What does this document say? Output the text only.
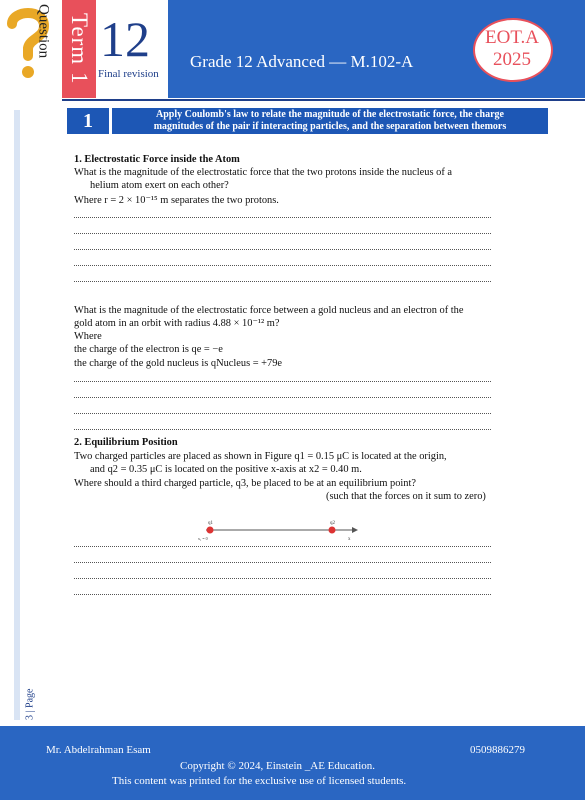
Question Term 1 12
Final revision
Grade 12 Advanced — M.102-A
EOT.A
2025
3 | Page
1	Apply Coulomb's law to relate the magnitude of the electrostatic force, the charge
magnitudes of the pair if interacting particles, and the separation between themors
1. Electrostatic Force inside the Atom
What is the magnitude of the electrostatic force that the two protons inside the nucleus of a
helium atom exert on each other?
Where r = 2 × 10⁻¹⁵ m separates the two protons.
What is the magnitude of the electrostatic force between a gold nucleus and an electron of the
gold atom in an orbit with radius 4.88 × 10⁻¹² m?
Where
the charge of the electron is qe = −e
the charge of the gold nucleus is qNucleus = +79e
2. Equilibrium Position
Two charged particles are placed as shown in Figure q1 = 0.15 μC is located at the origin,
and q2 = 0.35 μC is located on the positive x-axis at x2 = 0.40 m.
Where should a third charged particle, q3, be placed to be at an equilibrium point?
(such that the forces on it sum to zero)
q1	q2
x₁ = 0	x
Mr. Abdelrahman Esam	0509886279
Copyright © 2024, Einstein _AE Education.
This content was printed for the exclusive use of licensed students.
